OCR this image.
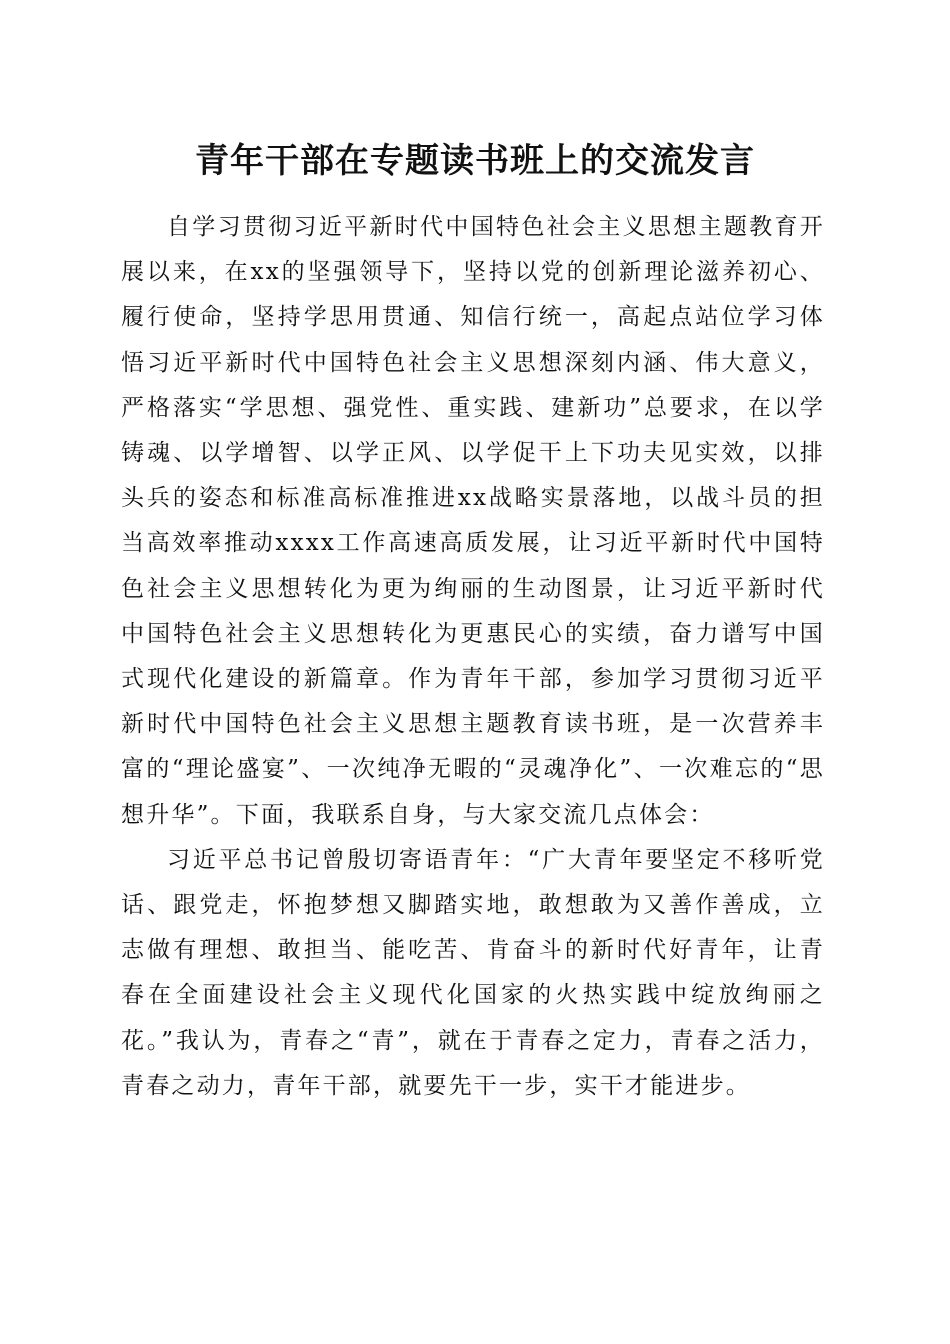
青年干部在专题读书班上的交流发言

自学习贯彻习近平新时代中国特色社会主义思想主题教育开展以来，在xx的坚强领导下，坚持以党的创新理论滋养初心、履行使命，坚持学思用贯通、知信行统一，高起点站位学习体悟习近平新时代中国特色社会主义思想深刻内涵、伟大意义，严格落实“学思想、强党性、重实践、建新功”总要求，在以学铸魂、以学增智、以学正风、以学促干上下功夫见实效，以排头兵的姿态和标准高标准推进xx战略实景落地，以战斗员的担当高效率推动xxxx工作高速高质发展，让习近平新时代中国特色社会主义思想转化为更为绚丽的生动图景，让习近平新时代中国特色社会主义思想转化为更惠民心的实绩，奋力谱写中国式现代化建设的新篇章。作为青年干部，参加学习贯彻习近平新时代中国特色社会主义思想主题教育读书班，是一次营养丰富的“理论盛宴”、一次纯净无暇的“灵魂净化”、一次难忘的“思想升华”。下面，我联系自身，与大家交流几点体会：

习近平总书记曾殷切寄语青年：“广大青年要坚定不移听党话、跟党走，怀抱梦想又脚踏实地，敢想敢为又善作善成，立志做有理想、敢担当、能吃苦、肯奋斗的新时代好青年，让青春在全面建设社会主义现代化国家的火热实践中绽放绚丽之花。”我认为，青春之“青”，就在于青春之定力，青春之活力，青春之动力，青年干部，就要先干一步，实干才能进步。
